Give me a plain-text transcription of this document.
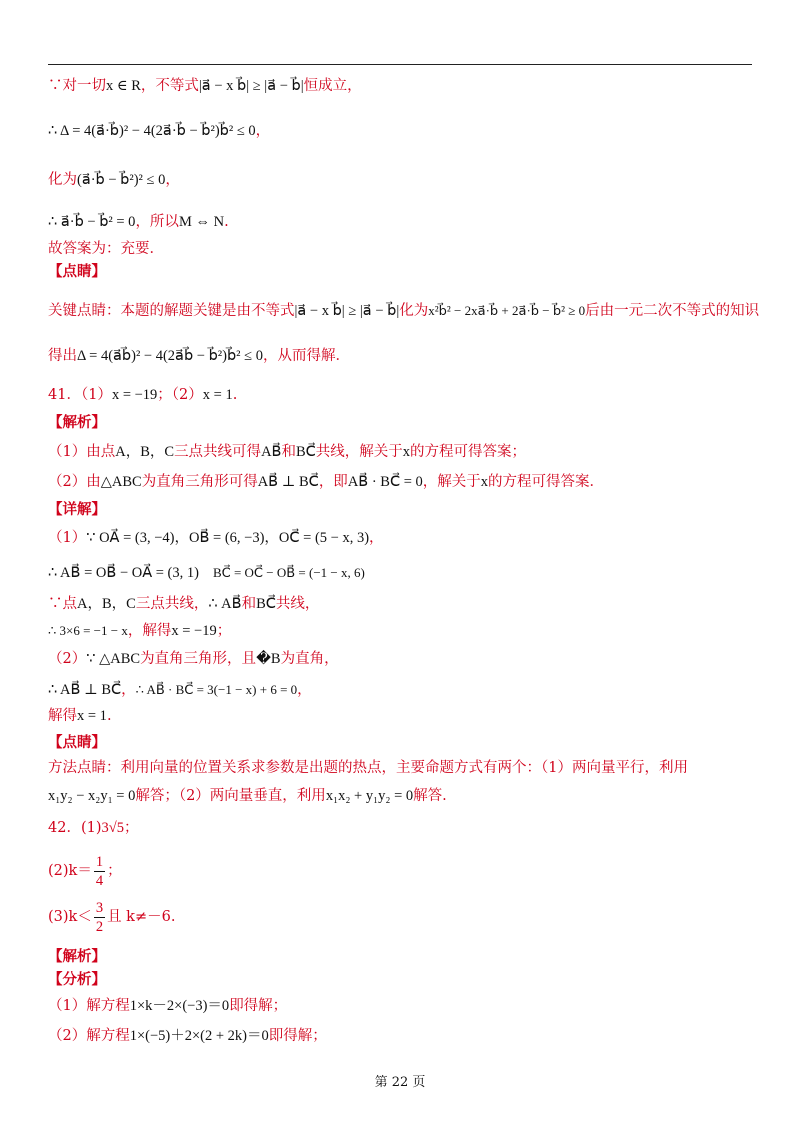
∵对一切x ∈ R，不等式|a⃗ − x b⃗| ≥ |a⃗ − b⃗|恒成立，
∴ Δ = 4(a⃗·b⃗)² − 4(2a⃗·b⃗ − b⃗²)b⃗² ≤ 0，
化为(a⃗·b⃗ − b⃗²)² ≤ 0，
∴ a⃗·b⃗ − b⃗² = 0，所以M ⇔ N.
故答案为：充要．
【点睛】
关键点睛：本题的解题关键是由不等式|a⃗ − x b⃗| ≥ |a⃗ − b⃗|化为x²b⃗² − 2xa⃗·b⃗ + 2a⃗·b⃗ − b⃗² ≥ 0后由一元二次不等式的知识
得出Δ = 4(a⃗b⃗)² − 4(2a⃗b⃗ − b⃗²)b⃗² ≤ 0，从而得解．
41．（1）x = −19；（2）x = 1.
【解析】
（1）由点A，B，C三点共线可得AB⃗和BC⃗共线，解关于x的方程可得答案；
（2）由△ABC为直角三角形可得AB⃗ ⊥ BC⃗，即AB⃗ · BC⃗ = 0，解关于x的方程可得答案．
【详解】
（1）∵ OA⃗ = (3, −4)，OB⃗ = (6, −3)，OC⃗ = (5 − x, 3)，
∴ AB⃗ = OB⃗ − OA⃗ = (3, 1) BC⃗ = OC⃗ − OB⃗ = (−1 − x, 6)
∵点A，B，C三点共线，∴ AB⃗和BC⃗共线，
∴ 3×6 = −1 − x，解得x = −19；
（2）∵ △ABC为直角三角形，且�B为直角，
∴ AB⃗ ⊥ BC⃗，∴ AB⃗ · BC⃗ = 3(−1 − x) + 6 = 0，
解得x = 1.
【点睛】
方法点睛：利用向量的位置关系求参数是出题的热点，主要命题方式有两个：（1）两向量平行，利用
x₁y₂ − x₂y₁ = 0解答；（2）两向量垂直，利用x₁x₂ + y₁y₂ = 0解答.
42．(1)3√5；
$(2)k= \frac{1}{4}$ ；
$(3)k< \frac{3}{2}$ 且 k≠－6.
【解析】
【分析】
（1）解方程1×k－2×(−3)＝0即得解；
（2）解方程1×(−5)＋2×(2 + 2k)＝0即得解；
第 22 页
